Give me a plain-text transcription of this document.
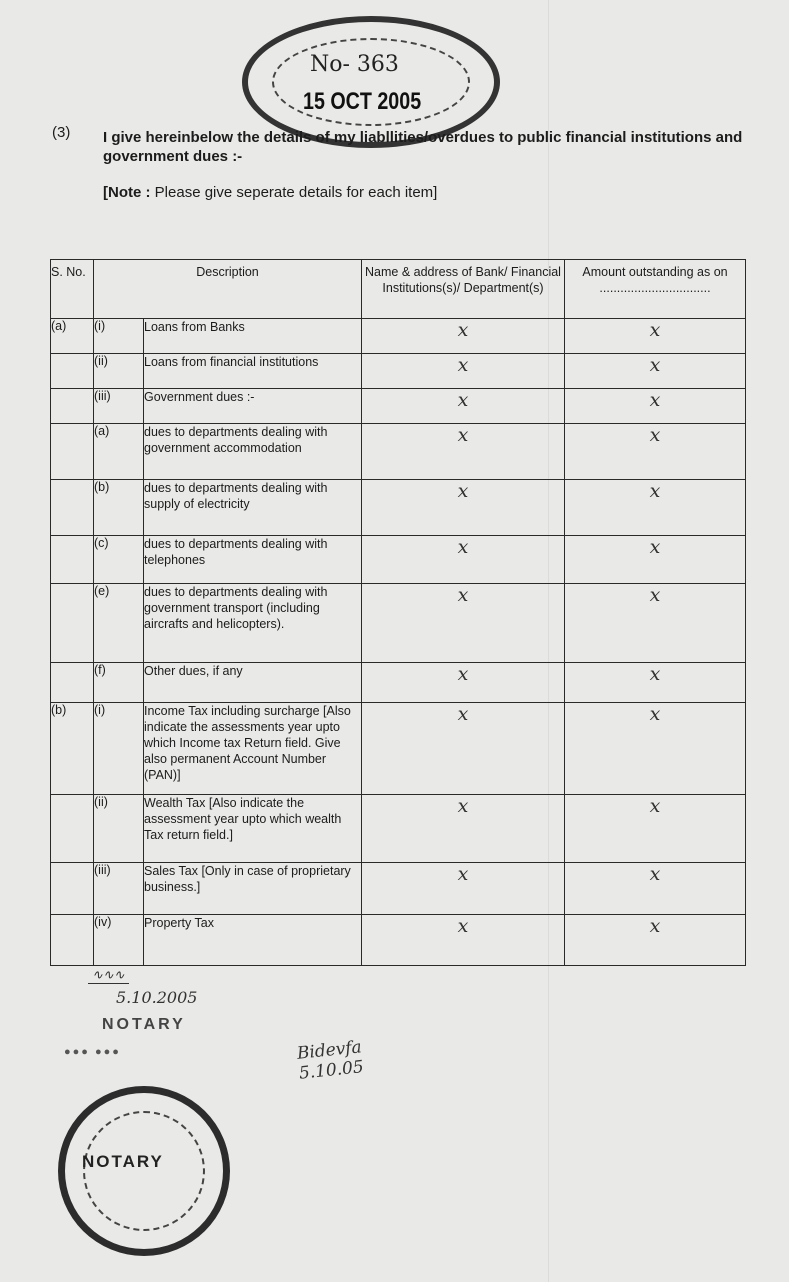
No- 363
15 OCT 2005
(3) I give hereinbelow the details of my liabllities/overdues to public financial institutions and government dues :-
[Note : Please give seperate details for each item]
S. No.	Description		Name & address of Bank/ Financial Institutions(s)/ Department(s)	Amount outstanding as on
................................
(a)	(i)	Loans from Banks	x	x
	(ii)	Loans from financial institutions	x	x
	(iii)	Government dues :-	x	x
	(a)	dues to departments dealing with government accommodation	x	x
	(b)	dues to departments dealing with supply of electricity	x	x
	(c)	dues to departments dealing with telephones	x	x
	(e)	dues to departments dealing with government transport (including aircrafts and helicopters).	x	x
	(f)	Other dues, if any	x	x
(b)	(i)	Income Tax including surcharge [Also indicate the assessments year upto which Income tax Return field. Give also permanent Account Number (PAN)]	x	x
	(ii)	Wealth Tax [Also indicate the assessment year upto which wealth Tax return field.]	x	x
	(iii)	Sales Tax [Only in case of proprietary business.]	x	x
	(iv)	Property Tax	x	x
∿∿∿
5.10.2005
NOTARY
●●● ●●●	Bidevfa
5.10.05
NOTARY
